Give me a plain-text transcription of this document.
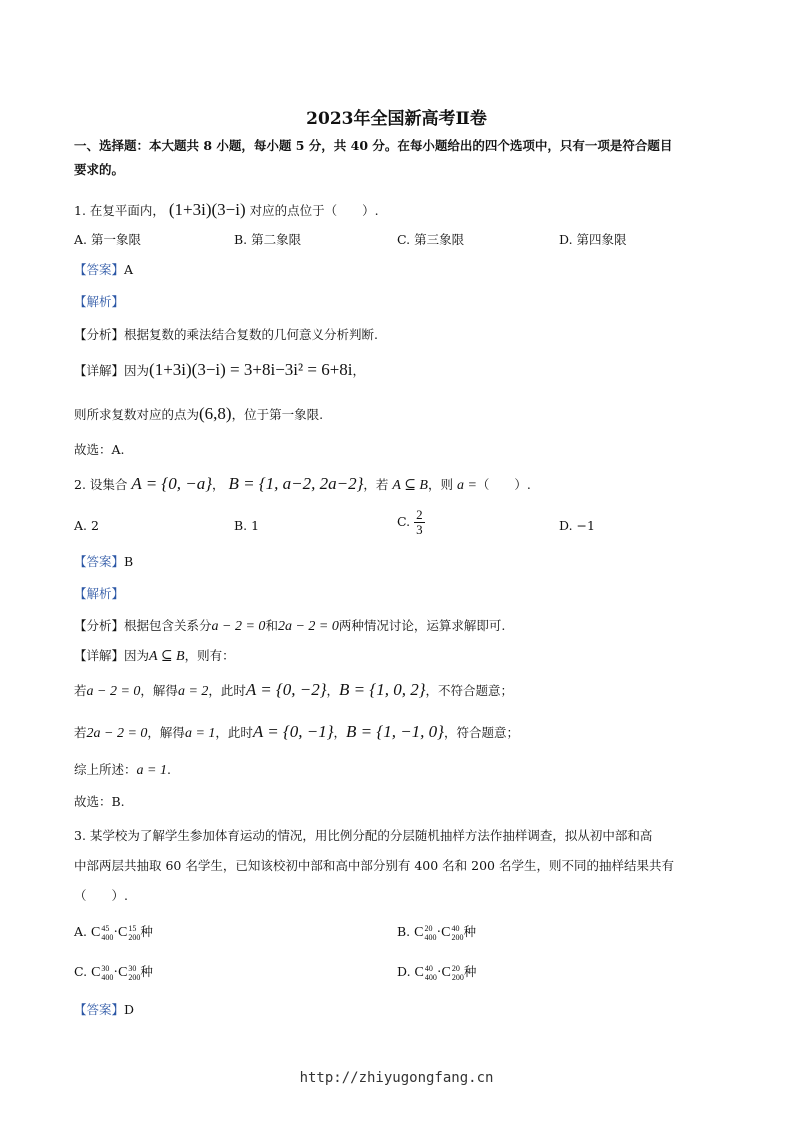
2023年全国新高考Ⅱ卷
一、选择题：本大题共 8 小题，每小题 5 分，共 40 分。在每小题给出的四个选项中，只有一项是符合题目
要求的。
1. 在复平面内， (1+3i)(3−i) 对应的点位于（　　）.
A. 第一象限	B. 第二象限	C. 第三象限	D. 第四象限
【答案】A
【解析】
【分析】根据复数的乘法结合复数的几何意义分析判断.
【详解】因为(1+3i)(3−i) = 3+8i−3i² = 6+8i，
则所求复数对应的点为(6,8)，位于第一象限.
故选：A.
2. 设集合 A = {0, −a}， B = {1, a−2, 2a−2}，若 A ⊆ B，则 a =（　　）.
A. 2	B. 1	C. $\frac{2}{3}$	D. −1
【答案】B
【解析】
【分析】根据包含关系分a − 2 = 0和2a − 2 = 0两种情况讨论，运算求解即可.
【详解】因为A ⊆ B，则有：
若a − 2 = 0，解得a = 2，此时A = {0, −2}，B = {1, 0, 2}，不符合题意；
若2a − 2 = 0，解得a = 1，此时A = {0, −1}，B = {1, −1, 0}，符合题意；
综上所述：a = 1.
故选：B.
3. 某学校为了解学生参加体育运动的情况，用比例分配的分层随机抽样方法作抽样调查，拟从初中部和高
中部两层共抽取 60 名学生，已知该校初中部和高中部分别有 400 名和 200 名学生，则不同的抽样结果共有
（　　）.
A. C 45
400 ·C 15
200 种	B. C 20
400 ·C 40
200 种
C. C 30
400 ·C 30
200 种	D. C 40
400 ·C 20
200 种
【答案】D
http://zhiyugongfang.cn
